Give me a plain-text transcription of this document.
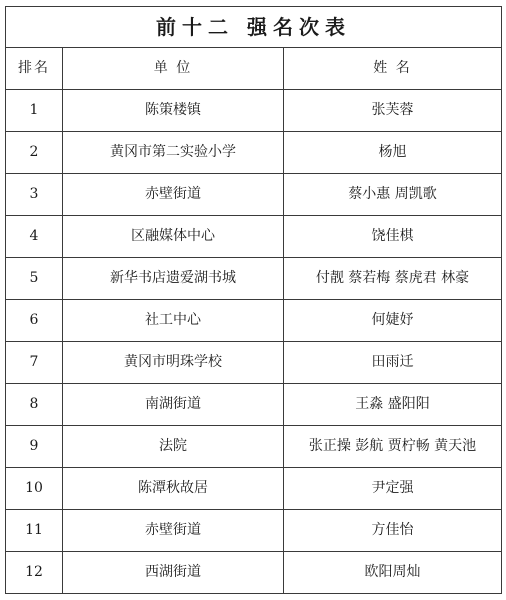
前十二 强名次表		
排名	单 位	姓 名
1	陈策楼镇	张芙蓉
2	黄冈市第二实验小学	杨旭
3	赤壁街道	蔡小惠 周凯歌
4	区融媒体中心	饶佳棋
5	新华书店遗爱湖书城	付靓 蔡若梅 蔡虎君 林豪
6	社工中心	何婕妤
7	黄冈市明珠学校	田雨迁
8	南湖街道	王淼 盛阳阳
9	法院	张正操 彭航 贾柠畅 黄天池
10	陈潭秋故居	尹定强
11	赤壁街道	方佳怡
12	西湖街道	欧阳周灿
